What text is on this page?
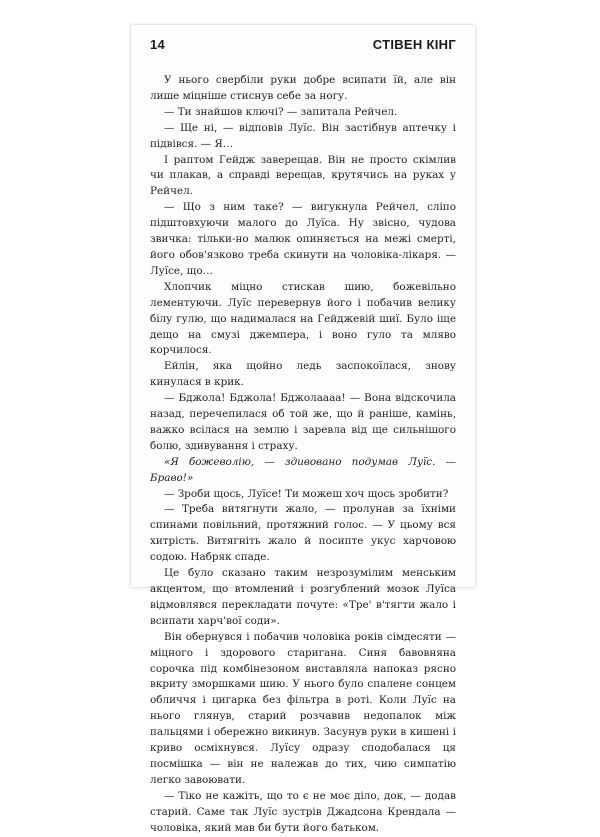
14	СТІВЕН КІНГ

У нього свербіли руки добре всипати їй, але він лише міцніше стиснув себе за ногу.

— Ти знайшов ключі? — запитала Рейчел.

— Ще ні, — відповів Луїс. Він застібнув аптечку і підвівся. — Я…

І раптом Гейдж заверещав. Він не просто скімлив чи плакав, а справді верещав, крутячись на руках у Рейчел.

— Що з ним таке? — вигукнула Рейчел, сліпо підштовхуючи малого до Луїса. Ну звісно, чудова звичка: тільки-но малюк опиняється на межі смерті, його обов'язково треба скинути на чоловіка-лікаря. — Луїсе, що…

Хлопчик міцно стискав шию, божевільно лементуючи. Луїс перевернув його і побачив велику білу гулю, що надималася на Гейджевій шиї. Було іще дещо на смузі джемпера, і воно гуло та мляво корчилося.

Ейлін, яка щойно ледь заспокоїлася, знову кинулася в крик.

— Бджола! Бджола! Бджолаааа! — Вона відскочила назад, перечепилася об той же, що й раніше, камінь, важко всілася на землю і заревла від ще сильнішого болю, здивування і страху.

«Я божеволію, — здивовано подумав Луїс. — Браво!»

— Зроби щось, Луїсе! Ти можеш хоч щось зробити?

— Треба витягнути жало, — пролунав за їхніми спинами повільний, протяжний голос. — У цьому вся хитрість. Витягніть жало й посипте укус харчовою содою. Набряк спаде.

Це було сказано таким незрозумілим менським акцентом, що втомлений і розгублений мозок Луїса відмовлявся перекладати почуте: «Тре' в'тягти жало і всипати харч'вої соди».

Він обернувся і побачив чоловіка років сімдесяти — міцного і здорового старигана. Синя бавовняна сорочка під комбінезоном виставляла напоказ рясно вкриту зморшками шию. У нього було спалене сонцем обличчя і цигарка без фільтра в роті. Коли Луїс на нього глянув, старий розчавив недопалок між пальцями і обережно викинув. Засунув руки в кишені і криво осміхнувся. Луїсу одразу сподобалася ця посмішка — він не належав до тих, чию симпатію легко завоювати.

— Тіко не кажіть, що то є не моє діло, док, — додав старий. Саме так Луїс зустрів Джадсона Крендала — чоловіка, який мав би бути його батьком.
